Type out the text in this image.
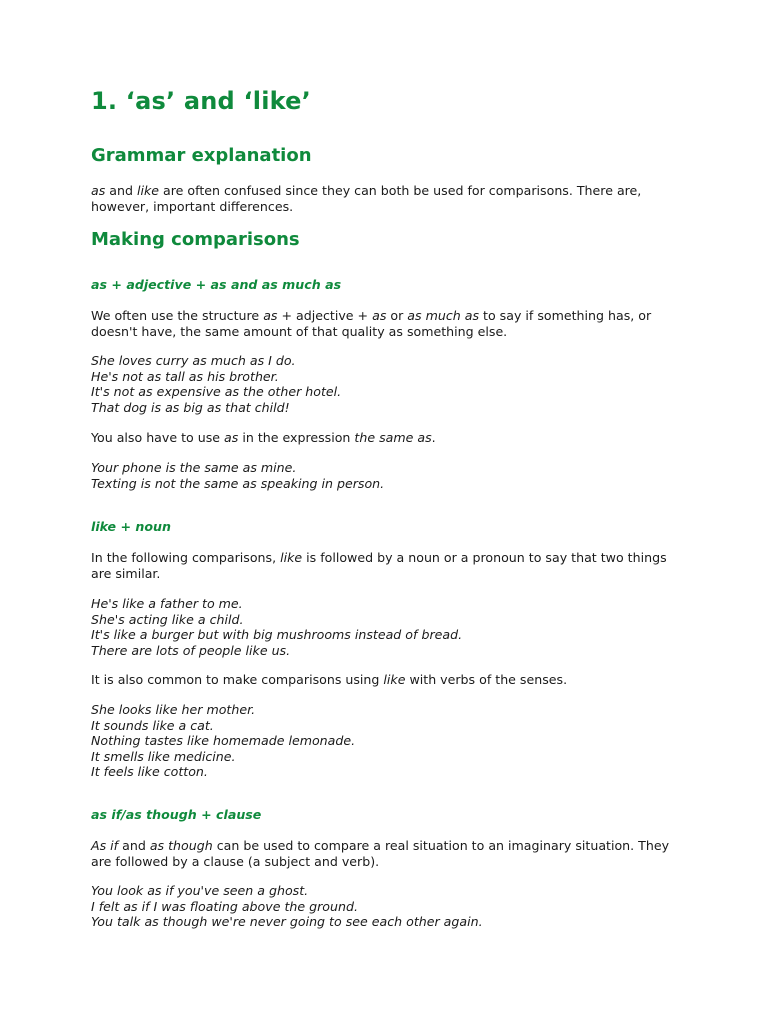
1. ‘as’ and ‘like’
Grammar explanation

as and like are often confused since they can both be used for comparisons. There are, however, important differences.

Making comparisons
as + adjective + as and as much as

We often use the structure as + adjective + as or as much as to say if something has, or doesn't have, the same amount of that quality as something else.

She loves curry as much as I do.
He's not as tall as his brother.
It's not as expensive as the other hotel.
That dog is as big as that child!

You also have to use as in the expression the same as.

Your phone is the same as mine.
Texting is not the same as speaking in person.
like + noun

In the following comparisons, like is followed by a noun or a pronoun to say that two things are similar.

He's like a father to me.
She's acting like a child.
It's like a burger but with big mushrooms instead of bread.
There are lots of people like us.

It is also common to make comparisons using like with verbs of the senses.

She looks like her mother.
It sounds like a cat.
Nothing tastes like homemade lemonade.
It smells like medicine.
It feels like cotton.
as if/as though + clause

As if and as though can be used to compare a real situation to an imaginary situation. They are followed by a clause (a subject and verb).

You look as if you've seen a ghost.
I felt as if I was floating above the ground.
You talk as though we're never going to see each other again.
